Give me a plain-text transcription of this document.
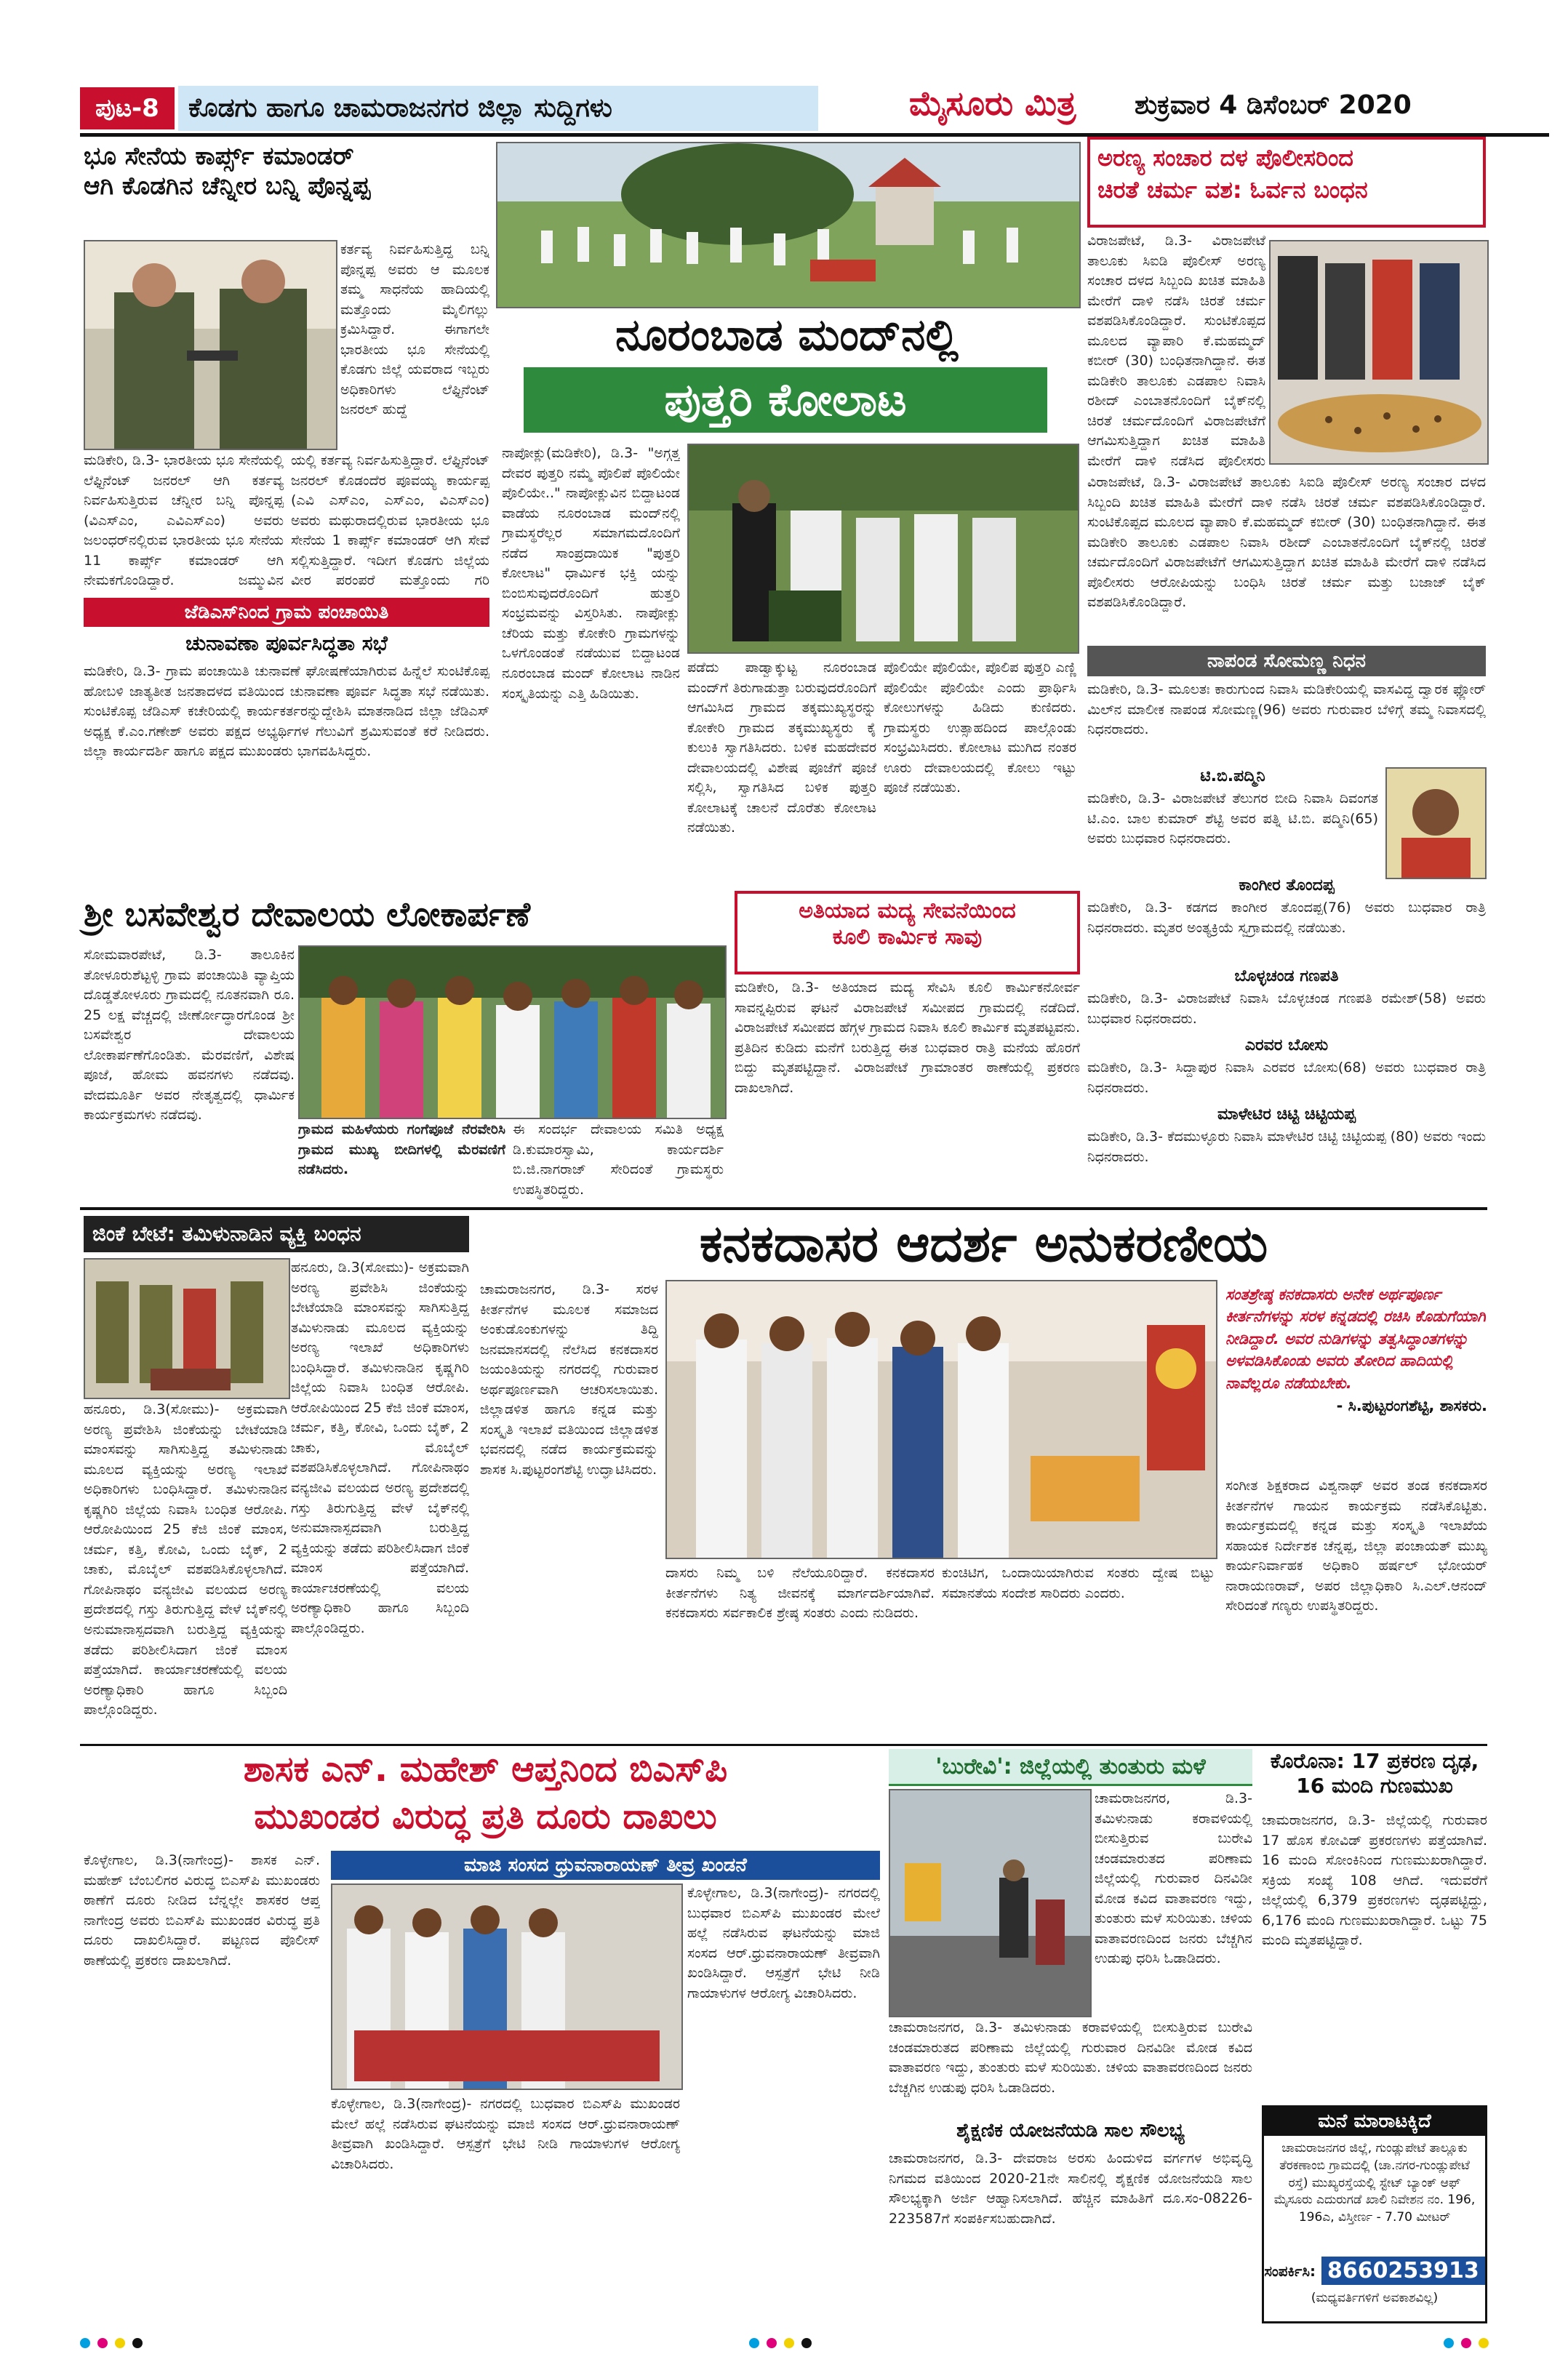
ಪುಟ-8	ಕೊಡಗು ಹಾಗೂ ಚಾಮರಾಜನಗರ ಜಿಲ್ಲಾ ಸುದ್ದಿಗಳು	ಮೈಸೂರು ಮಿತ್ರ ಶುಕ್ರವಾರ 4 ಡಿಸೆಂಬರ್ 2020
ಭೂ ಸೇನೆಯ ಕಾರ್ಪ್ಸ್ ಕಮಾಂಡರ್
ಆಗಿ ಕೊಡಗಿನ ಚೆನ್ನೀರ ಬನ್ನಿ ಪೊನ್ನಪ್ಪ
ಕರ್ತವ್ಯ ನಿರ್ವಹಿಸುತ್ತಿದ್ದ ಬನ್ನಿ ಪೊನ್ನಪ್ಪ ಅವರು ಆ ಮೂಲಕ ತಮ್ಮ ಸಾಧನೆಯ ಹಾದಿಯಲ್ಲಿ ಮತ್ತೊಂದು ಮೈಲಿಗಲ್ಲು ಕ್ರಮಿಸಿದ್ದಾರೆ. ಈಗಾಗಲೇ ಭಾರತೀಯ ಭೂ ಸೇನೆಯಲ್ಲಿ ಕೊಡಗು ಜಿಲ್ಲೆ ಯವರಾದ ಇಬ್ಬರು ಅಧಿಕಾರಿಗಳು ಲೆಫ್ಟಿನೆಂಟ್ ಜನರಲ್ ಹುದ್ದೆ
ಮಡಿಕೇರಿ, ಡಿ.3- ಭಾರತೀಯ ಭೂ ಸೇನೆಯಲ್ಲಿ ಲೆಫ್ಟಿನೆಂಟ್ ಜನರಲ್ ಆಗಿ ಕರ್ತವ್ಯ ನಿರ್ವಹಿಸುತ್ತಿರುವ ಚೆನ್ನೀರ ಬನ್ನಿ ಪೊನ್ನಪ್ಪ (ವಿಎಸ್‌ಎಂ, ಎವಿಎಸ್‌ಎಂ) ಅವರು ಜಲಂಧರ್‌ನಲ್ಲಿರುವ ಭಾರತೀಯ ಭೂ ಸೇನೆಯ 11 ಕಾರ್ಪ್ಸ್ ಕಮಾಂಡರ್ ಆಗಿ ನೇಮಕಗೊಂಡಿದ್ದಾರೆ. ಜಮ್ಮುವಿನ
ಯಲ್ಲಿ ಕರ್ತವ್ಯ ನಿರ್ವಹಿಸುತ್ತಿದ್ದಾರೆ. ಲೆಫ್ಟಿನೆಂಟ್ ಜನರಲ್ ಕೊಡಂದೆರ ಪೂವಯ್ಯ ಕಾರ್ಯಪ್ಪ (ಎವಿ ಎಸ್‌ಎಂ, ಎಸ್‌ಎಂ, ವಿಎಸ್‌ಎಂ) ಅವರು ಮಥುರಾದಲ್ಲಿರುವ ಭಾರತೀಯ ಭೂ ಸೇನೆಯ 1 ಕಾರ್ಪ್ಸ್ ಕಮಾಂಡರ್ ಆಗಿ ಸೇವೆ ಸಲ್ಲಿಸುತ್ತಿದ್ದಾರೆ. ಇದೀಗ ಕೊಡಗು ಜಿಲ್ಲೆಯ ವೀರ ಪರಂಪರೆ ಮತ್ತೊಂದು ಗರಿ
ಜೆಡಿಎಸ್‌ನಿಂದ ಗ್ರಾಮ ಪಂಚಾಯಿತಿ
ಚುನಾವಣಾ ಪೂರ್ವಸಿದ್ಧತಾ ಸಭೆ
ಮಡಿಕೇರಿ, ಡಿ.3- ಗ್ರಾಮ ಪಂಚಾಯಿತಿ ಚುನಾವಣೆ ಘೋಷಣೆಯಾಗಿರುವ ಹಿನ್ನೆಲೆ ಸುಂಟಿಕೊಪ್ಪ ಹೋಬಳಿ ಜಾತ್ಯತೀತ ಜನತಾದಳದ ವತಿಯಿಂದ ಚುನಾವಣಾ ಪೂರ್ವ ಸಿದ್ಧತಾ ಸಭೆ ನಡೆಯಿತು. ಸುಂಟಿಕೊಪ್ಪ ಜೆಡಿಎಸ್ ಕಚೇರಿಯಲ್ಲಿ ಕಾರ್ಯಕರ್ತರನ್ನುದ್ದೇಶಿಸಿ ಮಾತನಾಡಿದ ಜಿಲ್ಲಾ ಜೆಡಿಎಸ್ ಅಧ್ಯಕ್ಷ ಕೆ.ಎಂ.ಗಣೇಶ್ ಅವರು ಪಕ್ಷದ ಅಭ್ಯರ್ಥಿಗಳ ಗೆಲುವಿಗೆ ಶ್ರಮಿಸುವಂತೆ ಕರೆ ನೀಡಿದರು. ಜಿಲ್ಲಾ ಕಾರ್ಯದರ್ಶಿ ಹಾಗೂ ಪಕ್ಷದ ಮುಖಂಡರು ಭಾಗವಹಿಸಿದ್ದರು.
ನೂರಂಬಾಡ ಮಂದ್‌ನಲ್ಲಿ
ಪುತ್ತರಿ ಕೋಲಾಟ
ನಾಪೋಕ್ಲು(ಮಡಿಕೇರಿ), ಡಿ.3- "ಅಗ್ಗತ್ತ ದೇವರ ಪುತ್ತರಿ ನಮ್ಮೆ ಪೊಲಿಪೆ ಪೊಲಿಯೇ ಪೊಲಿಯೇ.." ನಾಪೋಕ್ಲುವಿನ ಬಿದ್ದಾಟಂಡ ವಾಡೆಯ ನೂರಂಬಾಡ ಮಂದ್‌ನಲ್ಲಿ ಗ್ರಾಮಸ್ಥರೆಲ್ಲರ ಸಮಾಗಮದೊಂದಿಗೆ ನಡೆದ ಸಾಂಪ್ರದಾಯಿಕ "ಪುತ್ತರಿ ಕೋಲಾಟ" ಧಾರ್ಮಿಕ ಭಕ್ತಿ ಯನ್ನು ಬಿಂಬಿಸುವುದರೊಂದಿಗೆ ಹುತ್ತರಿ ಸಂಭ್ರಮವನ್ನು ವಿಸ್ತರಿಸಿತು. ನಾಪೋಕ್ಲು ಚೆರಿಯ ಮತ್ತು ಕೋಕೇರಿ ಗ್ರಾಮಗಳನ್ನು ಒಳಗೊಂಡಂತೆ ನಡೆಯುವ ಬಿದ್ದಾಟಂಡ ನೂರಂಬಾಡ ಮಂದ್ ಕೋಲಾಟ ನಾಡಿನ ಸಂಸ್ಕೃತಿಯನ್ನು ಎತ್ತಿ ಹಿಡಿಯಿತು.
ಪಡೆದು ಪಾಡ್ವಾಕ್ಕುಟ್ಟ ನೂರಂಬಾಡ ಮಂದ್‌ಗೆ ತಿರುಗಾಡುತ್ತಾ ಬರುವುದರೊಂದಿಗೆ ಆಗಮಿಸಿದ ಗ್ರಾಮದ ತಕ್ಕಮುಖ್ಯಸ್ಥರನ್ನು ಕೋಕೇರಿ ಗ್ರಾಮದ ತಕ್ಕಮುಖ್ಯಸ್ಥರು ಕೈ ಕುಲುಕಿ ಸ್ವಾಗತಿಸಿದರು. ಬಳಿಕ ಮಹದೇವರ ದೇವಾಲಯದಲ್ಲಿ ವಿಶೇಷ ಪೂಜೆಗೆ ಪೂಜೆ ಸಲ್ಲಿಸಿ, ಸ್ವಾಗತಿಸಿದ ಬಳಿಕ ಪುತ್ತರಿ ಕೋಲಾಟಕ್ಕೆ ಚಾಲನೆ ದೊರೆತು ಕೋಲಾಟ ನಡೆಯಿತು.
ಪೊಲಿಯೇ ಪೊಲಿಯೇ, ಪೊಲಿಪ ಪುತ್ತರಿ ಎಣ್ಣಿ ಪೊಲಿಯೇ ಪೊಲಿಯೇ ಎಂದು ಪ್ರಾರ್ಥಿಸಿ ಕೋಲುಗಳನ್ನು ಹಿಡಿದು ಕುಣಿದರು. ಗ್ರಾಮಸ್ಥರು ಉತ್ಸಾಹದಿಂದ ಪಾಲ್ಗೊಂಡು ಸಂಭ್ರಮಿಸಿದರು. ಕೋಲಾಟ ಮುಗಿದ ನಂತರ ಊರು ದೇವಾಲಯದಲ್ಲಿ ಕೋಲು ಇಟ್ಟು ಪೂಜೆ ನಡೆಯಿತು.
ಅರಣ್ಯ ಸಂಚಾರ ದಳ ಪೊಲೀಸರಿಂದ
ಚಿರತೆ ಚರ್ಮ ವಶ: ಓರ್ವನ ಬಂಧನ
ವಿರಾಜಪೇಟೆ, ಡಿ.3- ವಿರಾಜಪೇಟೆ ತಾಲೂಕು ಸಿಐಡಿ ಪೊಲೀಸ್ ಅರಣ್ಯ ಸಂಚಾರ ದಳದ ಸಿಬ್ಬಂದಿ ಖಚಿತ ಮಾಹಿತಿ ಮೇರೆಗೆ ದಾಳಿ ನಡೆಸಿ ಚಿರತೆ ಚರ್ಮ ವಶಪಡಿಸಿಕೊಂಡಿದ್ದಾರೆ. ಸುಂಟಿಕೊಪ್ಪದ ಮೂಲದ ವ್ಯಾಪಾರಿ ಕೆ.ಮಹಮ್ಮದ್ ಕಬೀರ್ (30) ಬಂಧಿತನಾಗಿದ್ದಾನೆ. ಈತ ಮಡಿಕೇರಿ ತಾಲೂಕು ಎಡಪಾಲ ನಿವಾಸಿ ರಶೀದ್ ಎಂಬಾತನೊಂದಿಗೆ ಬೈಕ್‌ನಲ್ಲಿ ಚಿರತೆ ಚರ್ಮದೊಂದಿಗೆ ವಿರಾಜಪೇಟೆಗೆ ಆಗಮಿಸುತ್ತಿದ್ದಾಗ ಖಚಿತ ಮಾಹಿತಿ ಮೇರೆಗೆ ದಾಳಿ ನಡೆಸಿದ ಪೊಲೀಸರು
ವಿರಾಜಪೇಟೆ, ಡಿ.3- ವಿರಾಜಪೇಟೆ ತಾಲೂಕು ಸಿಐಡಿ ಪೊಲೀಸ್ ಅರಣ್ಯ ಸಂಚಾರ ದಳದ ಸಿಬ್ಬಂದಿ ಖಚಿತ ಮಾಹಿತಿ ಮೇರೆಗೆ ದಾಳಿ ನಡೆಸಿ ಚಿರತೆ ಚರ್ಮ ವಶಪಡಿಸಿಕೊಂಡಿದ್ದಾರೆ. ಸುಂಟಿಕೊಪ್ಪದ ಮೂಲದ ವ್ಯಾಪಾರಿ ಕೆ.ಮಹಮ್ಮದ್ ಕಬೀರ್ (30) ಬಂಧಿತನಾಗಿದ್ದಾನೆ. ಈತ ಮಡಿಕೇರಿ ತಾಲೂಕು ಎಡಪಾಲ ನಿವಾಸಿ ರಶೀದ್ ಎಂಬಾತನೊಂದಿಗೆ ಬೈಕ್‌ನಲ್ಲಿ ಚಿರತೆ ಚರ್ಮದೊಂದಿಗೆ ವಿರಾಜಪೇಟೆಗೆ ಆಗಮಿಸುತ್ತಿದ್ದಾಗ ಖಚಿತ ಮಾಹಿತಿ ಮೇರೆಗೆ ದಾಳಿ ನಡೆಸಿದ ಪೊಲೀಸರು ಆರೋಪಿಯನ್ನು ಬಂಧಿಸಿ ಚಿರತೆ ಚರ್ಮ ಮತ್ತು ಬಜಾಜ್ ಬೈಕ್ ವಶಪಡಿಸಿಕೊಂಡಿದ್ದಾರೆ.
ನಾಪಂಡ ಸೋಮಣ್ಣ ನಿಧನ
ಮಡಿಕೇರಿ, ಡಿ.3- ಮೂಲತಃ ಕಾರುಗುಂದ ನಿವಾಸಿ ಮಡಿಕೇರಿಯಲ್ಲಿ ವಾಸವಿದ್ದ ದ್ವಾರಕ ಫ್ಲೋರ್ ಮಿಲ್‌ನ ಮಾಲೀಕ ನಾಪಂಡ ಸೋಮಣ್ಣ(96) ಅವರು ಗುರುವಾರ ಬೆಳಿಗ್ಗೆ ತಮ್ಮ ನಿವಾಸದಲ್ಲಿ ನಿಧನರಾದರು.
ಟಿ.ಬಿ.ಪದ್ಮಿನಿ
ಮಡಿಕೇರಿ, ಡಿ.3- ವಿರಾಜಪೇಟೆ ತೆಲುಗರ ಬೀದಿ ನಿವಾಸಿ ದಿವಂಗತ ಟಿ.ಎಂ. ಬಾಲ ಕುಮಾರ್ ಶೆಟ್ಟಿ ಅವರ ಪತ್ನಿ ಟಿ.ಬಿ. ಪದ್ಮಿನಿ(65) ಅವರು ಬುಧವಾರ ನಿಧನರಾದರು.
ಕಾಂಗೀರ ತೊಂದಪ್ಪ
ಮಡಿಕೇರಿ, ಡಿ.3- ಕಡಗದ ಕಾಂಗೀರ ತೊಂದಪ್ಪ(76) ಅವರು ಬುಧವಾರ ರಾತ್ರಿ ನಿಧನರಾದರು. ಮೃತರ ಅಂತ್ಯಕ್ರಿಯೆ ಸ್ವಗ್ರಾಮದಲ್ಲಿ ನಡೆಯಿತು.
ಬೊಳ್ಳಚಂಡ ಗಣಪತಿ
ಮಡಿಕೇರಿ, ಡಿ.3- ವಿರಾಜಪೇಟೆ ನಿವಾಸಿ ಬೊಳ್ಳಚಂಡ ಗಣಪತಿ ರಮೇಶ್(58) ಅವರು ಬುಧವಾರ ನಿಧನರಾದರು.
ಎರವರ ಬೋಸು
ಮಡಿಕೇರಿ, ಡಿ.3- ಸಿದ್ದಾಪುರ ನಿವಾಸಿ ಎರವರ ಬೋಸು(68) ಅವರು ಬುಧವಾರ ರಾತ್ರಿ ನಿಧನರಾದರು.
ಮಾಳೇಟಿರ ಚಿಟ್ಟಿ ಚಿಟ್ಟಿಯಪ್ಪ
ಮಡಿಕೇರಿ, ಡಿ.3- ಕೆದಮುಳ್ಳೂರು ನಿವಾಸಿ ಮಾಳೇಟಿರ ಚಿಟ್ಟಿ ಚಿಟ್ಟಿಯಪ್ಪ (80) ಅವರು ಇಂದು ನಿಧನರಾದರು.
ಶ್ರೀ ಬಸವೇಶ್ವರ ದೇವಾಲಯ ಲೋಕಾರ್ಪಣೆ
ಸೋಮವಾರಪೇಟೆ, ಡಿ.3- ತಾಲೂಕಿನ ತೋಳೂರುಶೆಟ್ಟಳ್ಳಿ ಗ್ರಾಮ ಪಂಚಾಯಿತಿ ವ್ಯಾಪ್ತಿಯ ದೊಡ್ಡತೋಳೂರು ಗ್ರಾಮದಲ್ಲಿ ನೂತನವಾಗಿ ರೂ. 25 ಲಕ್ಷ ವೆಚ್ಚದಲ್ಲಿ ಜೀರ್ಣೋದ್ಧಾರಗೊಂಡ ಶ್ರೀ ಬಸವೇಶ್ವರ ದೇವಾಲಯ ಲೋಕಾರ್ಪಣೆಗೊಂಡಿತು. ಮೆರವಣಿಗೆ, ವಿಶೇಷ ಪೂಜೆ, ಹೋಮ ಹವನಗಳು ನಡೆದವು. ವೇದಮೂರ್ತಿ ಅವರ ನೇತೃತ್ವದಲ್ಲಿ ಧಾರ್ಮಿಕ ಕಾರ್ಯಕ್ರಮಗಳು ನಡೆದವು.
ಗ್ರಾಮದ ಮಹಿಳೆಯರು ಗಂಗೆಪೂಜೆ ನೆರವೇರಿಸಿ ಗ್ರಾಮದ ಮುಖ್ಯ ಬೀದಿಗಳಲ್ಲಿ ಮೆರವಣಿಗೆ ನಡೆಸಿದರು.
ಈ ಸಂದರ್ಭ ದೇವಾಲಯ ಸಮಿತಿ ಅಧ್ಯಕ್ಷ ಡಿ.ಕುಮಾರಸ್ವಾಮಿ, ಕಾರ್ಯದರ್ಶಿ ಬಿ.ಜಿ.ನಾಗರಾಜ್ ಸೇರಿದಂತೆ ಗ್ರಾಮಸ್ಥರು ಉಪಸ್ಥಿತರಿದ್ದರು.
ಅತಿಯಾದ ಮದ್ಯ ಸೇವನೆಯಿಂದ
ಕೂಲಿ ಕಾರ್ಮಿಕ ಸಾವು
ಮಡಿಕೇರಿ, ಡಿ.3- ಅತಿಯಾದ ಮದ್ಯ ಸೇವಿಸಿ ಕೂಲಿ ಕಾರ್ಮಿಕನೋರ್ವ ಸಾವನ್ನಪ್ಪಿರುವ ಘಟನೆ ವಿರಾಜಪೇಟೆ ಸಮೀಪದ ಗ್ರಾಮದಲ್ಲಿ ನಡೆದಿದೆ. ವಿರಾಜಪೇಟೆ ಸಮೀಪದ ಹೆಗ್ಗಳ ಗ್ರಾಮದ ನಿವಾಸಿ ಕೂಲಿ ಕಾರ್ಮಿಕ ಮೃತಪಟ್ಟವನು. ಪ್ರತಿದಿನ ಕುಡಿದು ಮನೆಗೆ ಬರುತ್ತಿದ್ದ ಈತ ಬುಧವಾರ ರಾತ್ರಿ ಮನೆಯ ಹೊರಗೆ ಬಿದ್ದು ಮೃತಪಟ್ಟಿದ್ದಾನೆ. ವಿರಾಜಪೇಟೆ ಗ್ರಾಮಾಂತರ ಠಾಣೆಯಲ್ಲಿ ಪ್ರಕರಣ ದಾಖಲಾಗಿದೆ.
ಜಿಂಕೆ ಬೇಟೆ: ತಮಿಳುನಾಡಿನ ವ್ಯಕ್ತಿ ಬಂಧನ
ಹನೂರು, ಡಿ.3(ಸೋಮು)- ಅಕ್ರಮವಾಗಿ ಅರಣ್ಯ ಪ್ರವೇಶಿಸಿ ಜಿಂಕೆಯನ್ನು ಬೇಟೆಯಾಡಿ ಮಾಂಸವನ್ನು ಸಾಗಿಸುತ್ತಿದ್ದ ತಮಿಳುನಾಡು ಮೂಲದ ವ್ಯಕ್ತಿಯನ್ನು ಅರಣ್ಯ ಇಲಾಖೆ ಅಧಿಕಾರಿಗಳು ಬಂಧಿಸಿದ್ದಾರೆ. ತಮಿಳುನಾಡಿನ ಕೃಷ್ಣಗಿರಿ ಜಿಲ್ಲೆಯ ನಿವಾಸಿ ಬಂಧಿತ ಆರೋಪಿ. ಆರೋಪಿಯಿಂದ 25 ಕೆಜಿ ಜಿಂಕೆ ಮಾಂಸ, ಚರ್ಮ, ಕತ್ತಿ, ಕೋವಿ, ಒಂದು ಬೈಕ್, 2 ಚಾಕು, ಮೊಬೈಲ್ ವಶಪಡಿಸಿಕೊಳ್ಳಲಾಗಿದೆ. ಗೋಪಿನಾಥಂ ವನ್ಯಜೀವಿ ವಲಯದ ಅರಣ್ಯ ಪ್ರದೇಶದಲ್ಲಿ ಗಸ್ತು ತಿರುಗುತ್ತಿದ್ದ ವೇಳೆ ಬೈಕ್‌ನಲ್ಲಿ ಅನುಮಾನಾಸ್ಪದವಾಗಿ ಬರುತ್ತಿದ್ದ ವ್ಯಕ್ತಿಯನ್ನು ತಡೆದು ಪರಿಶೀಲಿಸಿದಾಗ ಜಿಂಕೆ ಮಾಂಸ ಪತ್ತೆಯಾಗಿದೆ. ಕಾರ್ಯಾಚರಣೆಯಲ್ಲಿ ವಲಯ ಅರಣ್ಯಾಧಿಕಾರಿ ಹಾಗೂ ಸಿಬ್ಬಂದಿ ಪಾಲ್ಗೊಂಡಿದ್ದರು.
ಹನೂರು, ಡಿ.3(ಸೋಮು)- ಅಕ್ರಮವಾಗಿ ಅರಣ್ಯ ಪ್ರವೇಶಿಸಿ ಜಿಂಕೆಯನ್ನು ಬೇಟೆಯಾಡಿ ಮಾಂಸವನ್ನು ಸಾಗಿಸುತ್ತಿದ್ದ ತಮಿಳುನಾಡು ಮೂಲದ ವ್ಯಕ್ತಿಯನ್ನು ಅರಣ್ಯ ಇಲಾಖೆ ಅಧಿಕಾರಿಗಳು ಬಂಧಿಸಿದ್ದಾರೆ. ತಮಿಳುನಾಡಿನ ಕೃಷ್ಣಗಿರಿ ಜಿಲ್ಲೆಯ ನಿವಾಸಿ ಬಂಧಿತ ಆರೋಪಿ. ಆರೋಪಿಯಿಂದ 25 ಕೆಜಿ ಜಿಂಕೆ ಮಾಂಸ, ಚರ್ಮ, ಕತ್ತಿ, ಕೋವಿ, ಒಂದು ಬೈಕ್, 2 ಚಾಕು, ಮೊಬೈಲ್ ವಶಪಡಿಸಿಕೊಳ್ಳಲಾಗಿದೆ. ಗೋಪಿನಾಥಂ ವನ್ಯಜೀವಿ ವಲಯದ ಅರಣ್ಯ ಪ್ರದೇಶದಲ್ಲಿ ಗಸ್ತು ತಿರುಗುತ್ತಿದ್ದ ವೇಳೆ ಬೈಕ್‌ನಲ್ಲಿ ಅನುಮಾನಾಸ್ಪದವಾಗಿ ಬರುತ್ತಿದ್ದ ವ್ಯಕ್ತಿಯನ್ನು ತಡೆದು ಪರಿಶೀಲಿಸಿದಾಗ ಜಿಂಕೆ ಮಾಂಸ ಪತ್ತೆಯಾಗಿದೆ. ಕಾರ್ಯಾಚರಣೆಯಲ್ಲಿ ವಲಯ ಅರಣ್ಯಾಧಿಕಾರಿ ಹಾಗೂ ಸಿಬ್ಬಂದಿ ಪಾಲ್ಗೊಂಡಿದ್ದರು.
ಕನಕದಾಸರ ಆದರ್ಶ ಅನುಕರಣೀಯ
ಚಾಮರಾಜನಗರ, ಡಿ.3- ಸರಳ ಕೀರ್ತನೆಗಳ ಮೂಲಕ ಸಮಾಜದ ಅಂಕುಡೊಂಕುಗಳನ್ನು ತಿದ್ದಿ ಜನಮಾನಸದಲ್ಲಿ ನೆಲೆಸಿದ ಕನಕದಾಸರ ಜಯಂತಿಯನ್ನು ನಗರದಲ್ಲಿ ಗುರುವಾರ ಅರ್ಥಪೂರ್ಣವಾಗಿ ಆಚರಿಸಲಾಯಿತು. ಜಿಲ್ಲಾಡಳಿತ ಹಾಗೂ ಕನ್ನಡ ಮತ್ತು ಸಂಸ್ಕೃತಿ ಇಲಾಖೆ ವತಿಯಿಂದ ಜಿಲ್ಲಾಡಳಿತ ಭವನದಲ್ಲಿ ನಡೆದ ಕಾರ್ಯಕ್ರಮವನ್ನು ಶಾಸಕ ಸಿ.ಪುಟ್ಟರಂಗಶೆಟ್ಟಿ ಉದ್ಘಾಟಿಸಿದರು.
ದಾಸರು ನಿಮ್ಮ ಬಳಿ ನೆಲೆಯೂರಿದ್ದಾರೆ. ಕನಕದಾಸರ ಕೀರ್ತನೆಗಳು ನಿತ್ಯ ಜೀವನಕ್ಕೆ ಮಾರ್ಗದರ್ಶಿಯಾಗಿವೆ. ಕನಕದಾಸರು ಸರ್ವಕಾಲಿಕ ಶ್ರೇಷ್ಠ ಸಂತರು ಎಂದು ನುಡಿದರು.
ಕುಂಚಿಟಿಗ, ಒಂದಾಯಿಯಾಗಿರುವ ಸಂತರು ದ್ವೇಷ ಬಿಟ್ಟು ಸಮಾನತೆಯ ಸಂದೇಶ ಸಾರಿದರು ಎಂದರು.
ಸಂತಶ್ರೇಷ್ಠ ಕನಕದಾಸರು ಅನೇಕ ಅರ್ಥಪೂರ್ಣ ಕೀರ್ತನೆಗಳನ್ನು ಸರಳ ಕನ್ನಡದಲ್ಲಿ ರಚಿಸಿ ಕೊಡುಗೆಯಾಗಿ ನೀಡಿದ್ದಾರೆ. ಅವರ ನುಡಿಗಳನ್ನು ತತ್ವಸಿದ್ಧಾಂತಗಳನ್ನು ಅಳವಡಿಸಿಕೊಂಡು ಅವರು ತೋರಿದ ಹಾದಿಯಲ್ಲಿ ನಾವೆಲ್ಲರೂ ನಡೆಯಬೇಕು.
- ಸಿ.ಪುಟ್ಟರಂಗಶೆಟ್ಟಿ, ಶಾಸಕರು.
ಸಂಗೀತ ಶಿಕ್ಷಕರಾದ ವಿಶ್ವನಾಥ್ ಅವರ ತಂಡ ಕನಕದಾಸರ ಕೀರ್ತನೆಗಳ ಗಾಯನ ಕಾರ್ಯಕ್ರಮ ನಡೆಸಿಕೊಟ್ಟಿತು. ಕಾರ್ಯಕ್ರಮದಲ್ಲಿ ಕನ್ನಡ ಮತ್ತು ಸಂಸ್ಕೃತಿ ಇಲಾಖೆಯ ಸಹಾಯಕ ನಿರ್ದೇಶಕ ಚೆನ್ನಪ್ಪ, ಜಿಲ್ಲಾ ಪಂಚಾಯತ್ ಮುಖ್ಯ ಕಾರ್ಯನಿರ್ವಾಹಕ ಅಧಿಕಾರಿ ಹರ್ಷಲ್ ಭೋಯರ್ ನಾರಾಯಣರಾವ್, ಅಪರ ಜಿಲ್ಲಾಧಿಕಾರಿ ಸಿ.ಎಲ್.ಆನಂದ್ ಸೇರಿದಂತೆ ಗಣ್ಯರು ಉಪಸ್ಥಿತರಿದ್ದರು.
ಶಾಸಕ ಎನ್. ಮಹೇಶ್ ಆಪ್ತನಿಂದ ಬಿಎಸ್‌ಪಿ
ಮುಖಂಡರ ವಿರುದ್ಧ ಪ್ರತಿ ದೂರು ದಾಖಲು
ಕೊಳ್ಳೇಗಾಲ, ಡಿ.3(ನಾಗೇಂದ್ರ)- ಶಾಸಕ ಎನ್. ಮಹೇಶ್ ಬೆಂಬಲಿಗರ ವಿರುದ್ಧ ಬಿಎಸ್‌ಪಿ ಮುಖಂಡರು ಠಾಣೆಗೆ ದೂರು ನೀಡಿದ ಬೆನ್ನಲ್ಲೇ ಶಾಸಕರ ಆಪ್ತ ನಾಗೇಂದ್ರ ಅವರು ಬಿಎಸ್‌ಪಿ ಮುಖಂಡರ ವಿರುದ್ಧ ಪ್ರತಿ ದೂರು ದಾಖಲಿಸಿದ್ದಾರೆ. ಪಟ್ಟಣದ ಪೊಲೀಸ್ ಠಾಣೆಯಲ್ಲಿ ಪ್ರಕರಣ ದಾಖಲಾಗಿದೆ.
ಮಾಜಿ ಸಂಸದ ಧ್ರುವನಾರಾಯಣ್ ತೀವ್ರ ಖಂಡನೆ
ಕೊಳ್ಳೇಗಾಲ, ಡಿ.3(ನಾಗೇಂದ್ರ)- ನಗರದಲ್ಲಿ ಬುಧವಾರ ಬಿಎಸ್‌ಪಿ ಮುಖಂಡರ ಮೇಲೆ ಹಲ್ಲೆ ನಡೆಸಿರುವ ಘಟನೆಯನ್ನು ಮಾಜಿ ಸಂಸದ ಆರ್.ಧ್ರುವನಾರಾಯಣ್ ತೀವ್ರವಾಗಿ ಖಂಡಿಸಿದ್ದಾರೆ. ಆಸ್ಪತ್ರೆಗೆ ಭೇಟಿ ನೀಡಿ ಗಾಯಾಳುಗಳ ಆರೋಗ್ಯ ವಿಚಾರಿಸಿದರು.
ಕೊಳ್ಳೇಗಾಲ, ಡಿ.3(ನಾಗೇಂದ್ರ)- ನಗರದಲ್ಲಿ ಬುಧವಾರ ಬಿಎಸ್‌ಪಿ ಮುಖಂಡರ ಮೇಲೆ ಹಲ್ಲೆ ನಡೆಸಿರುವ ಘಟನೆಯನ್ನು ಮಾಜಿ ಸಂಸದ ಆರ್.ಧ್ರುವನಾರಾಯಣ್ ತೀವ್ರವಾಗಿ ಖಂಡಿಸಿದ್ದಾರೆ. ಆಸ್ಪತ್ರೆಗೆ ಭೇಟಿ ನೀಡಿ ಗಾಯಾಳುಗಳ ಆರೋಗ್ಯ ವಿಚಾರಿಸಿದರು.
'ಬುರೇವಿ': ಜಿಲ್ಲೆಯಲ್ಲಿ ತುಂತುರು ಮಳೆ
ಚಾಮರಾಜನಗರ, ಡಿ.3- ತಮಿಳುನಾಡು ಕರಾವಳಿಯಲ್ಲಿ ಬೀಸುತ್ತಿರುವ ಬುರೇವಿ ಚಂಡಮಾರುತದ ಪರಿಣಾಮ ಜಿಲ್ಲೆಯಲ್ಲಿ ಗುರುವಾರ ದಿನವಿಡೀ ಮೋಡ ಕವಿದ ವಾತಾವರಣ ಇದ್ದು, ತುಂತುರು ಮಳೆ ಸುರಿಯಿತು. ಚಳಿಯ ವಾತಾವರಣದಿಂದ ಜನರು ಬೆಚ್ಚಗಿನ ಉಡುಪು ಧರಿಸಿ ಓಡಾಡಿದರು.
ಚಾಮರಾಜನಗರ, ಡಿ.3- ತಮಿಳುನಾಡು ಕರಾವಳಿಯಲ್ಲಿ ಬೀಸುತ್ತಿರುವ ಬುರೇವಿ ಚಂಡಮಾರುತದ ಪರಿಣಾಮ ಜಿಲ್ಲೆಯಲ್ಲಿ ಗುರುವಾರ ದಿನವಿಡೀ ಮೋಡ ಕವಿದ ವಾತಾವರಣ ಇದ್ದು, ತುಂತುರು ಮಳೆ ಸುರಿಯಿತು. ಚಳಿಯ ವಾತಾವರಣದಿಂದ ಜನರು ಬೆಚ್ಚಗಿನ ಉಡುಪು ಧರಿಸಿ ಓಡಾಡಿದರು.
ಶೈಕ್ಷಣಿಕ ಯೋಜನೆಯಡಿ ಸಾಲ ಸೌಲಭ್ಯ
ಚಾಮರಾಜನಗರ, ಡಿ.3- ದೇವರಾಜ ಅರಸು ಹಿಂದುಳಿದ ವರ್ಗಗಳ ಅಭಿವೃದ್ಧಿ ನಿಗಮದ ವತಿಯಿಂದ 2020-21ನೇ ಸಾಲಿನಲ್ಲಿ ಶೈಕ್ಷಣಿಕ ಯೋಜನೆಯಡಿ ಸಾಲ ಸೌಲಭ್ಯಕ್ಕಾಗಿ ಅರ್ಜಿ ಆಹ್ವಾನಿಸಲಾಗಿದೆ. ಹೆಚ್ಚಿನ ಮಾಹಿತಿಗೆ ದೂ.ಸಂ-08226-223587ಗೆ ಸಂಪರ್ಕಿಸಬಹುದಾಗಿದೆ.
ಕೊರೊನಾ: 17 ಪ್ರಕರಣ ದೃಢ,
16 ಮಂದಿ ಗುಣಮುಖ
ಚಾಮರಾಜನಗರ, ಡಿ.3- ಜಿಲ್ಲೆಯಲ್ಲಿ ಗುರುವಾರ 17 ಹೊಸ ಕೋವಿಡ್ ಪ್ರಕರಣಗಳು ಪತ್ತೆಯಾಗಿವೆ. 16 ಮಂದಿ ಸೋಂಕಿನಿಂದ ಗುಣಮುಖರಾಗಿದ್ದಾರೆ. ಸಕ್ರಿಯ ಸಂಖ್ಯೆ 108 ಆಗಿದೆ. ಇದುವರೆಗೆ ಜಿಲ್ಲೆಯಲ್ಲಿ 6,379 ಪ್ರಕರಣಗಳು ದೃಢಪಟ್ಟಿದ್ದು, 6,176 ಮಂದಿ ಗುಣಮುಖರಾಗಿದ್ದಾರೆ. ಒಟ್ಟು 75 ಮಂದಿ ಮೃತಪಟ್ಟಿದ್ದಾರೆ.
ಮನೆ ಮಾರಾಟಕ್ಕಿದೆ
ಚಾಮರಾಜನಗರ ಜಿಲ್ಲೆ, ಗುಂಡ್ಲುಪೇಟೆ ತಾಲ್ಲೂಕು ತೆರಕಣಾಂಬಿ ಗ್ರಾಮದಲ್ಲಿ (ಚಾ.ನಗರ-ಗುಂಡ್ಲುಪೇಟೆ ರಸ್ತೆ) ಮುಖ್ಯರಸ್ತೆಯಲ್ಲಿ ಸ್ಟೇಟ್ ಬ್ಯಾಂಕ್ ಆಫ್ ಮೈಸೂರು ಎದುರುಗಡೆ ಖಾಲಿ ನಿವೇಶನ ನಂ. 196, 196ಎ, ವಿಸ್ತೀರ್ಣ - 7.70 ಮೀಟರ್
ಸಂಪರ್ಕಿಸಿ: 8660253913
(ಮಧ್ಯವರ್ತಿಗಳಿಗೆ ಅವಕಾಶವಿಲ್ಲ)
